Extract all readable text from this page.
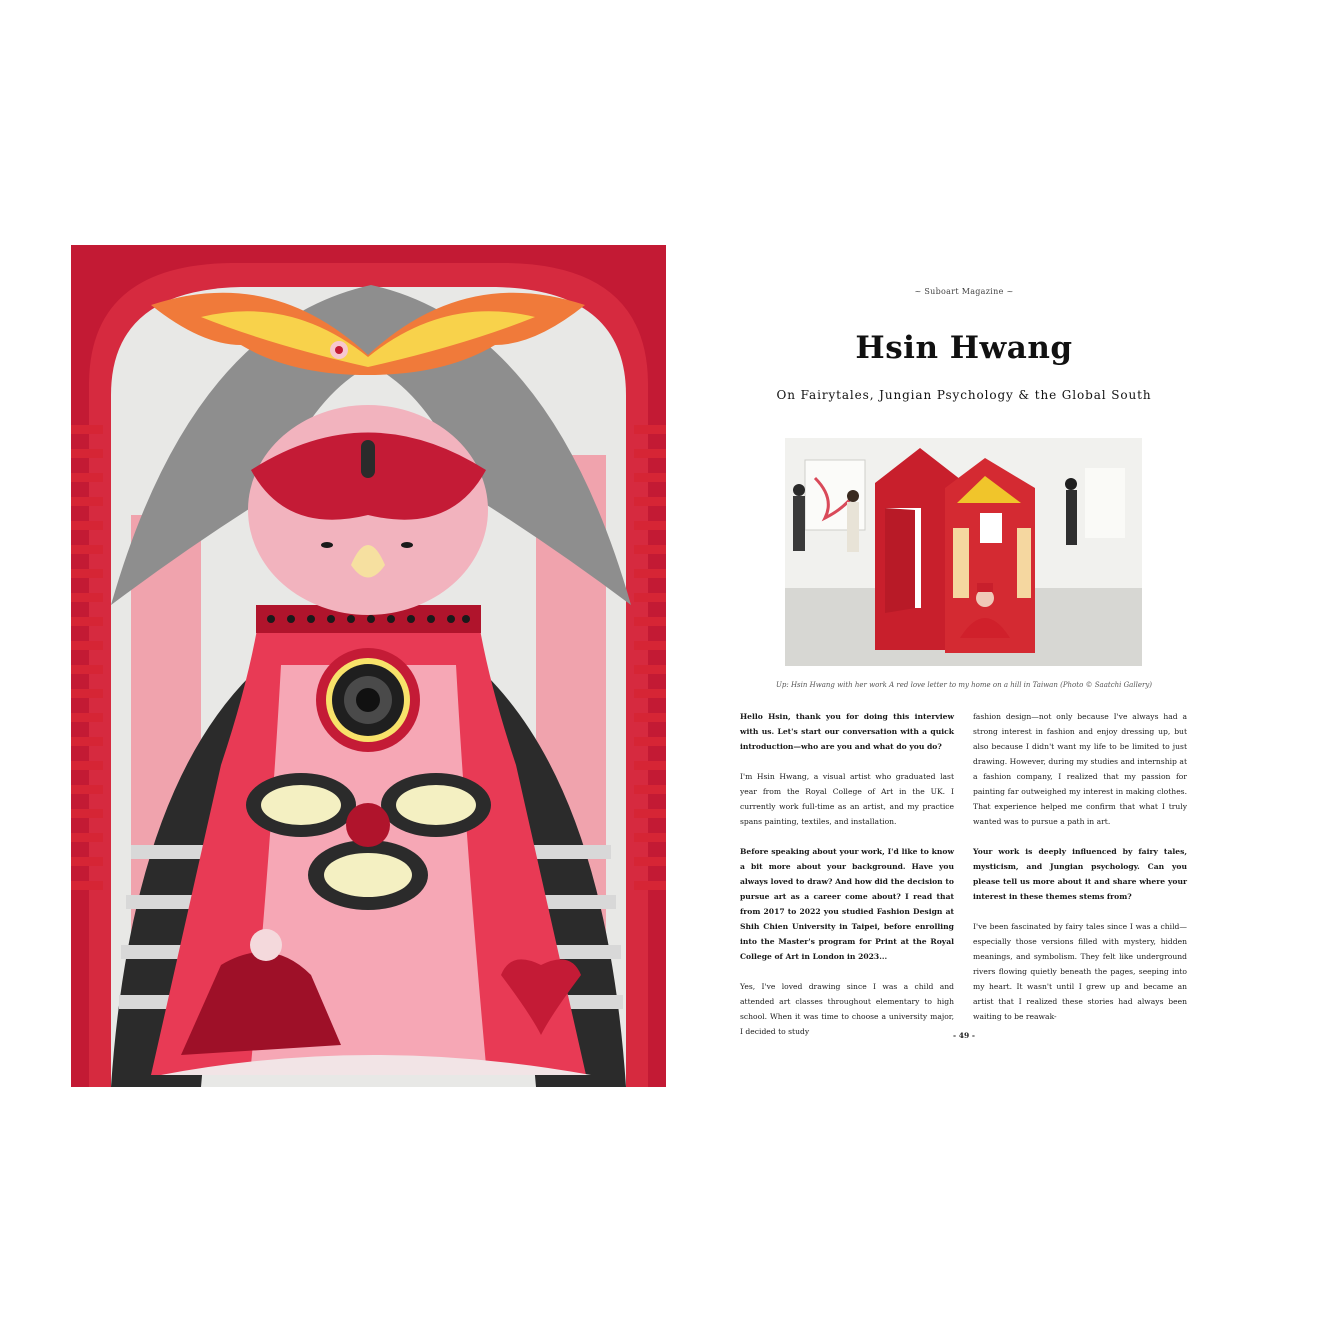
~ Suboart Magazine ~
Hsin Hwang
On Fairytales, Jungian Psychology & the Global South
Up: Hsin Hwang with her work A red love letter to my home on a hill in Taiwan (Photo © Saatchi Gallery)

Hello Hsin, thank you for doing this interview with us. Let's start our conversation with a quick introduction—who are you and what do you do?

I'm Hsin Hwang, a visual artist who graduated last year from the Royal College of Art in the UK. I currently work full-time as an artist, and my practice spans painting, textiles, and installation.

Before speaking about your work, I'd like to know a bit more about your background. Have you always loved to draw? And how did the decision to pursue art as a career come about? I read that from 2017 to 2022 you studied Fashion Design at Shih Chien University in Taipei, before enrolling into the Master's program for Print at the Royal College of Art in London in 2023...

Yes, I've loved drawing since I was a child and attended art classes throughout elementary to high school. When it was time to choose a university major, I decided to study

fashion design—not only because I've always had a strong interest in fashion and enjoy dressing up, but also because I didn't want my life to be limited to just drawing. However, during my studies and internship at a fashion company, I realized that my passion for painting far outweighed my interest in making clothes. That experience helped me confirm that what I truly wanted was to pursue a path in art.

Your work is deeply influenced by fairy tales, mysticism, and Jungian psychology. Can you please tell us more about it and share where your interest in these themes stems from?

I've been fascinated by fairy tales since I was a child—especially those versions filled with mystery, hidden meanings, and symbolism. They felt like underground rivers flowing quietly beneath the pages, seeping into my heart. It wasn't until I grew up and became an artist that I realized these stories had always been waiting to be reawak-

- 49 -
